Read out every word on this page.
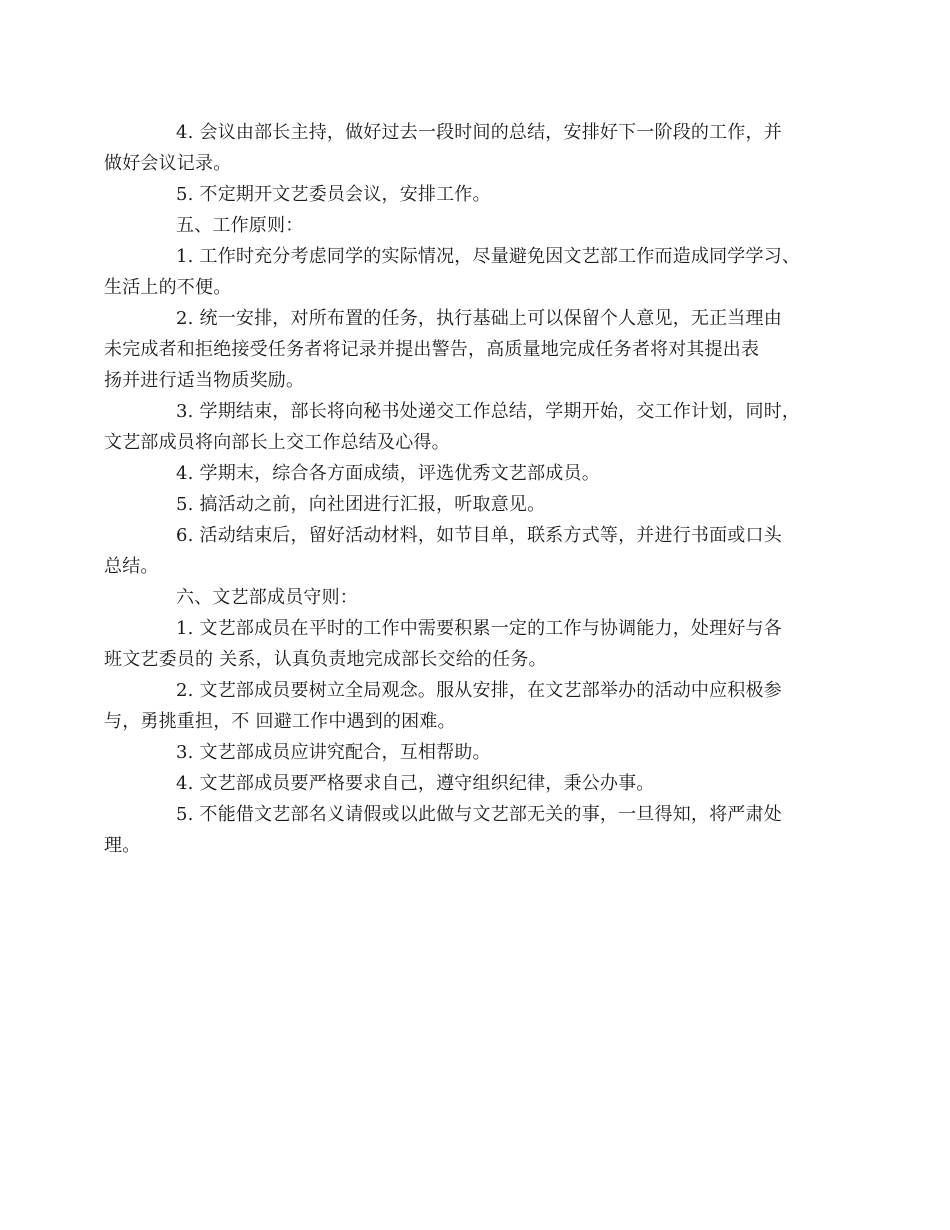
4. 会议由部长主持，做好过去一段时间的总结，安排好下一阶段的工作，并
做好会议记录。

5. 不定期开文艺委员会议，安排工作。

五、工作原则：

1. 工作时充分考虑同学的实际情况，尽量避免因文艺部工作而造成同学学习、
生活上的不便。

2. 统一安排，对所布置的任务，执行基础上可以保留个人意见，无正当理由
未完成者和拒绝接受任务者将记录并提出警告，高质量地完成任务者将对其提出表
扬并进行适当物质奖励。

3. 学期结束，部长将向秘书处递交工作总结，学期开始，交工作计划，同时，
文艺部成员将向部长上交工作总结及心得。

4. 学期末，综合各方面成绩，评选优秀文艺部成员。

5. 搞活动之前，向社团进行汇报，听取意见。

6. 活动结束后，留好活动材料，如节目单，联系方式等，并进行书面或口头
总结。

六、文艺部成员守则：

1. 文艺部成员在平时的工作中需要积累一定的工作与协调能力，处理好与各
班文艺委员的 关系，认真负责地完成部长交给的任务。

2. 文艺部成员要树立全局观念。服从安排，在文艺部举办的活动中应积极参
与，勇挑重担，不 回避工作中遇到的困难。

3. 文艺部成员应讲究配合，互相帮助。

4. 文艺部成员要严格要求自己，遵守组织纪律，秉公办事。

5. 不能借文艺部名义请假或以此做与文艺部无关的事，一旦得知，将严肃处
理。
